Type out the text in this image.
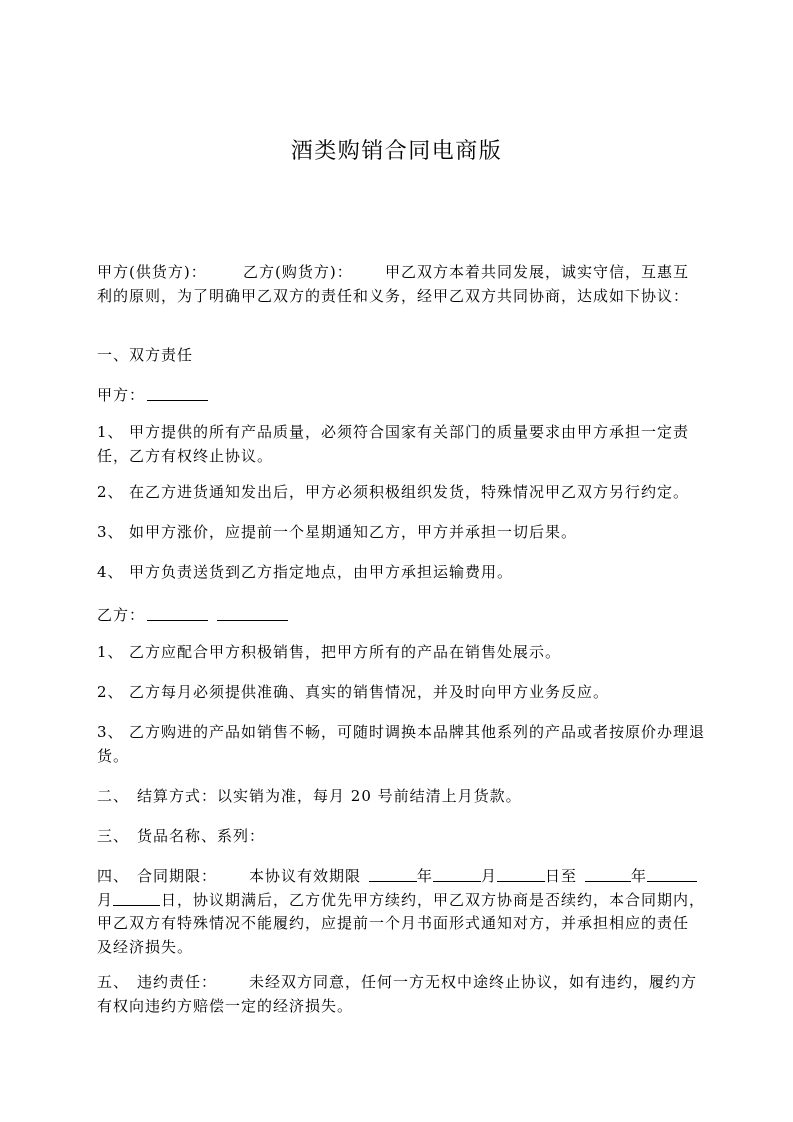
酒类购销合同电商版
甲方(供货方)： 乙方(购货方)： 甲乙双方本着共同发展，诚实守信，互惠互
利的原则，为了明确甲乙双方的责任和义务，经甲乙双方共同协商，达成如下协议：
一、双方责任
甲方：
1、 甲方提供的所有产品质量，必须符合国家有关部门的质量要求由甲方承担一定责
任，乙方有权终止协议。
2、 在乙方进货通知发出后，甲方必须积极组织发货，特殊情况甲乙双方另行约定。
3、 如甲方涨价，应提前一个星期通知乙方，甲方并承担一切后果。
4、 甲方负责送货到乙方指定地点，由甲方承担运输费用。
乙方：
1、 乙方应配合甲方积极销售，把甲方所有的产品在销售处展示。
2、 乙方每月必须提供准确、真实的销售情况，并及时向甲方业务反应。
3、 乙方购进的产品如销售不畅，可随时调换本品牌其他系列的产品或者按原价办理退
货。
二、 结算方式：以实销为准，每月 20 号前结清上月货款。
三、 货品名称、系列：
四、 合同期限： 本协议有效期限	年	月	日至	年
月	日，协议期满后，乙方优先甲方续约，甲乙双方协商是否续约，本合同期内，
甲乙双方有特殊情况不能履约，应提前一个月书面形式通知对方，并承担相应的责任
及经济损失。
五、 违约责任： 未经双方同意，任何一方无权中途终止协议，如有违约，履约方
有权向违约方赔偿一定的经济损失。
